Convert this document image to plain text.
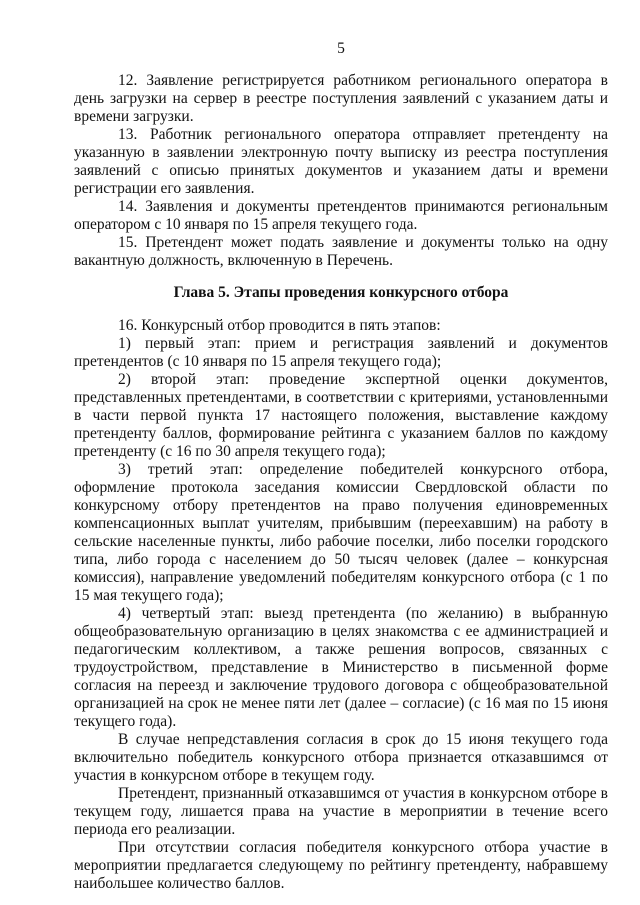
5

12. Заявление регистрируется работником регионального оператора в день загрузки на сервер в реестре поступления заявлений с указанием даты и времени загрузки.

13. Работник регионального оператора отправляет претенденту на указанную в заявлении электронную почту выписку из реестра поступления заявлений с описью принятых документов и указанием даты и времени регистрации его заявления.

14. Заявления и документы претендентов принимаются региональным оператором с 10 января по 15 апреля текущего года.

15. Претендент может подать заявление и документы только на одну вакантную должность, включенную в Перечень.

Глава 5. Этапы проведения конкурсного отбора

16. Конкурсный отбор проводится в пять этапов:

1) первый этап: прием и регистрация заявлений и документов претендентов (с 10 января по 15 апреля текущего года);

2) второй этап: проведение экспертной оценки документов, представленных претендентами, в соответствии с критериями, установленными в части первой пункта 17 настоящего положения, выставление каждому претенденту баллов, формирование рейтинга с указанием баллов по каждому претенденту (с 16 по 30 апреля текущего года);

3) третий этап: определение победителей конкурсного отбора, оформление протокола заседания комиссии Свердловской области по конкурсному отбору претендентов на право получения единовременных компенсационных выплат учителям, прибывшим (переехавшим) на работу в сельские населенные пункты, либо рабочие поселки, либо поселки городского типа, либо города с населением до 50 тысяч человек (далее – конкурсная комиссия), направление уведомлений победителям конкурсного отбора (с 1 по 15 мая текущего года);

4) четвертый этап: выезд претендента (по желанию) в выбранную общеобразовательную организацию в целях знакомства с ее администрацией и педагогическим коллективом, а также решения вопросов, связанных с трудоустройством, представление в Министерство в письменной форме согласия на переезд и заключение трудового договора с общеобразовательной организацией на срок не менее пяти лет (далее – согласие) (с 16 мая по 15 июня текущего года).

В случае непредставления согласия в срок до 15 июня текущего года включительно победитель конкурсного отбора признается отказавшимся от участия в конкурсном отборе в текущем году.

Претендент, признанный отказавшимся от участия в конкурсном отборе в текущем году, лишается права на участие в мероприятии в течение всего периода его реализации.

При отсутствии согласия победителя конкурсного отбора участие в мероприятии предлагается следующему по рейтингу претенденту, набравшему наибольшее количество баллов.
